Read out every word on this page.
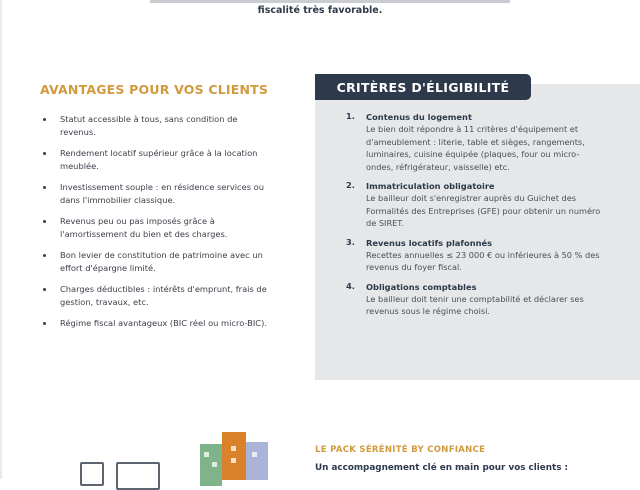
fiscalité très favorable.
AVANTAGES POUR VOS CLIENTS
Statut accessible à tous, sans condition de revenus.
Rendement locatif supérieur grâce à la location meublée.
Investissement souple : en résidence services ou dans l'immobilier classique.
Revenus peu ou pas imposés grâce à l'amortissement du bien et des charges.
Bon levier de constitution de patrimoine avec un effort d'épargne limité.
Charges déductibles : intérêts d'emprunt, frais de gestion, travaux, etc.
Régime fiscal avantageux (BIC réel ou micro-BIC).
CRITÈRES D'ÉLIGIBILITÉ
1. Contenus du logement
Le bien doit répondre à 11 critères d'équipement et d'ameublement : literie, table et sièges, rangements, luminaires, cuisine équipée (plaques, four ou micro-ondes, réfrigérateur, vaisselle) etc.
2. Immatriculation obligatoire
Le bailleur doit s'enregistrer auprès du Guichet des Formalités des Entreprises (GFE) pour obtenir un numéro de SIRET.
3. Revenus locatifs plafonnés
Recettes annuelles ≤ 23 000 € ou inférieures à 50 % des revenus du foyer fiscal.
4. Obligations comptables
Le bailleur doit tenir une comptabilité et déclarer ses revenus sous le régime choisi.
LE PACK SÉRÉNITÉ BY CONFIANCE
Un accompagnement clé en main pour vos clients :
